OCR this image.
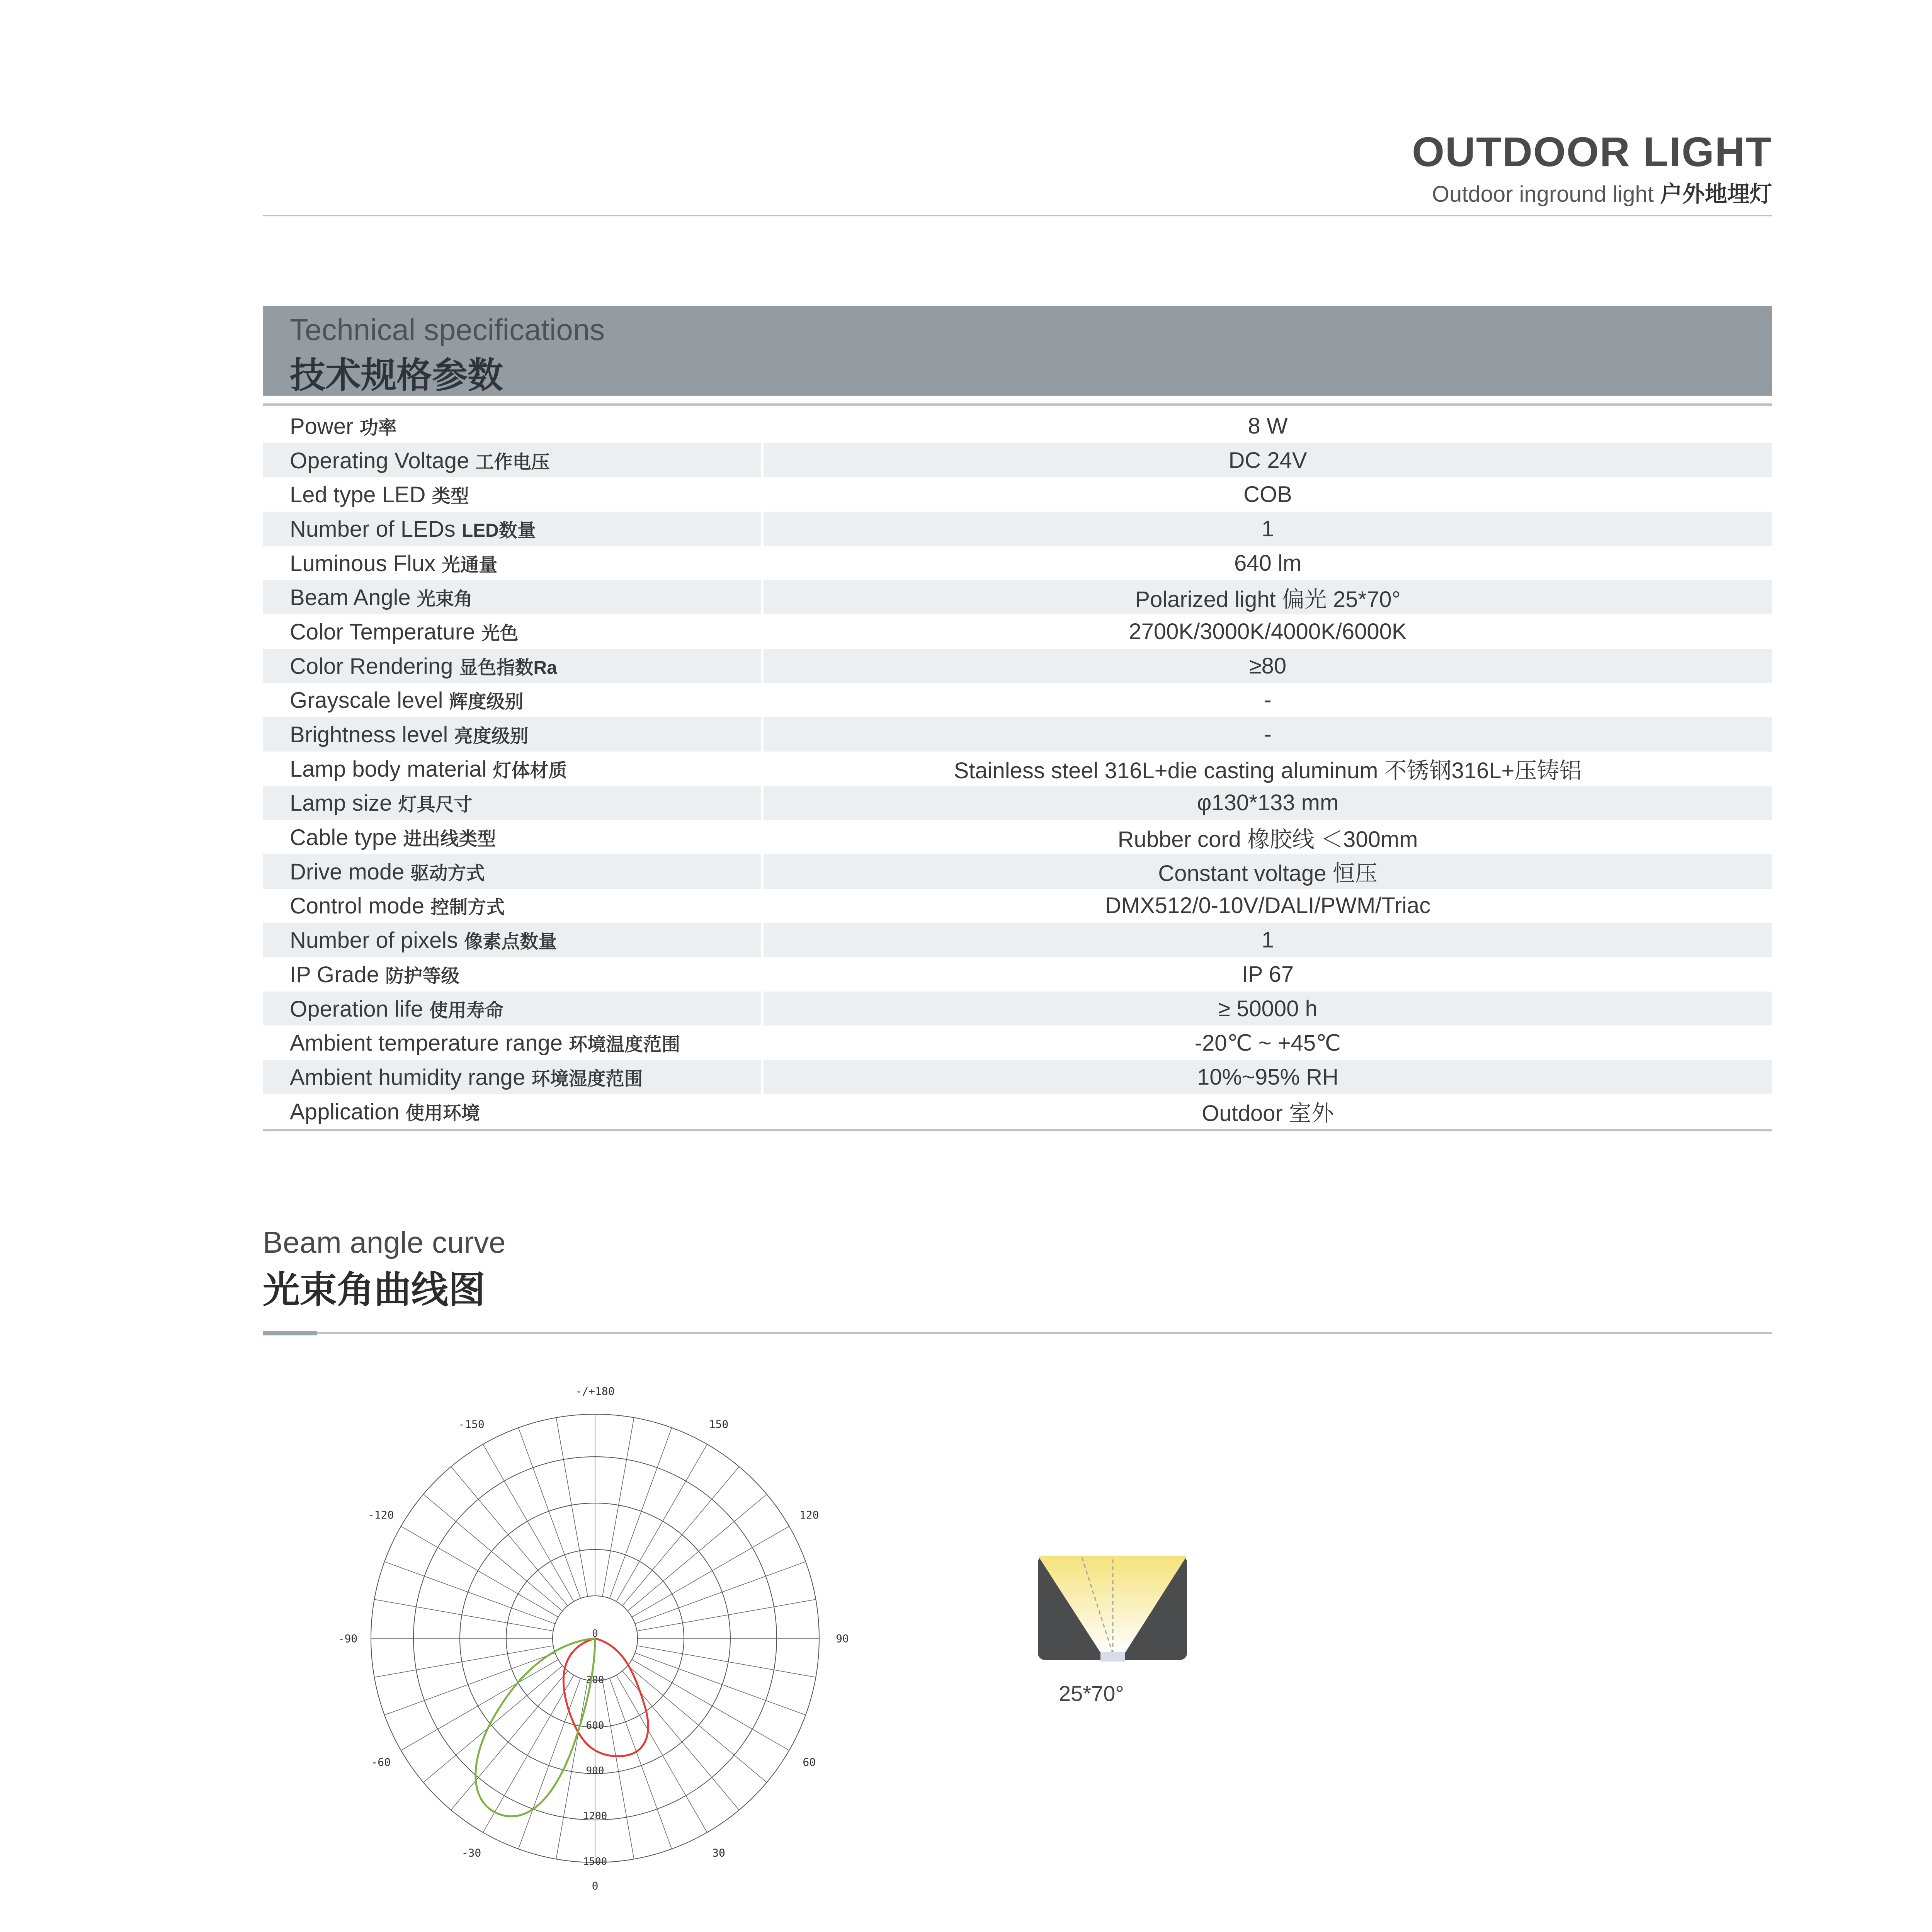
OUTDOOR LIGHT
Outdoor inground light 户外地埋灯
Technical specifications
技术规格参数
Power 功率	8 W
Operating Voltage 工作电压	DC 24V
Led type LED 类型	COB
Number of LEDs LED数量	1
Luminous Flux 光通量	640 lm
Beam Angle 光束角	Polarized light 偏光 25*70°
Color Temperature 光色	2700K/3000K/4000K/6000K
Color Rendering 显色指数Ra	≥80
Grayscale level 辉度级别	-
Brightness level 亮度级别	-
Lamp body material 灯体材质	Stainless steel 316L+die casting aluminum 不锈钢316L+压铸铝
Lamp size 灯具尺寸	φ130*133 mm
Cable type 进出线类型	Rubber cord 橡胶线 ＜300mm
Drive mode 驱动方式	Constant voltage 恒压
Control mode 控制方式	DMX512/0-10V/DALI/PWM/Triac
Number of pixels 像素点数量	1
IP Grade 防护等级	IP 67
Operation life 使用寿命	≥ 50000 h
Ambient temperature range 环境温度范围	-20℃ ~ +45℃
Ambient humidity range 环境湿度范围	10%~95% RH
Application 使用环境	Outdoor 室外
Beam angle curve
光束角曲线图
-/+180
150
120
90
60
30
0
-30
-60
-90
-120
-150
0
300
600
900
1200
1500
25*70°
